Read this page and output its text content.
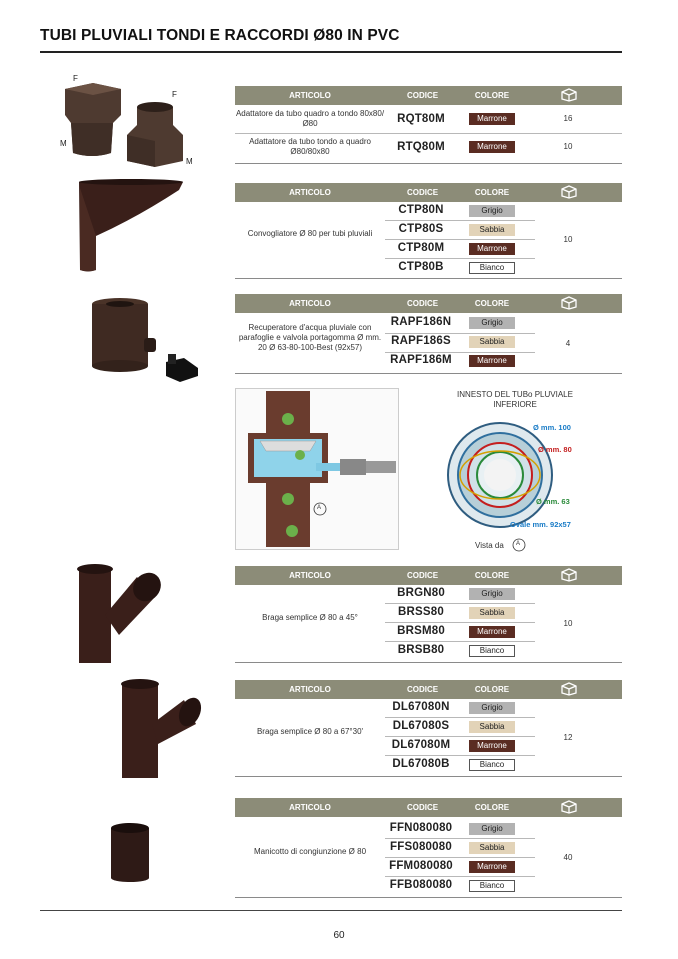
TUBI PLUVIALI TONDI E RACCORDI Ø80 IN PVC
F
F
M
M
ARTICOLO	CODICE	COLORE
Adattatore da tubo quadro a tondo 80x80/Ø80	RQT80M	Marrone	16
Adattatore da tubo tondo a quadro Ø80/80x80	RTQ80M	Marrone	10
ARTICOLO	CODICE	COLORE
Convogliatore Ø 80 per tubi pluviali
10
CTP80N	Grigio
CTP80S	Sabbia
CTP80M	Marrone
CTP80B	Bianco
ARTICOLO	CODICE	COLORE
Recuperatore d'acqua pluviale con parafoglie e valvola portagomma Ø mm. 20 Ø 63-80-100-Best (92x57)	4
RAPF186N	Grigio
RAPF186S	Sabbia
RAPF186M	Marrone
A
INNESTO DEL TUBo PLUVIALE INFERIORE
Ø mm. 100
Ø mm. 80
Ø mm. 63
Ovale mm. 92x57
Vista da A
ARTICOLO	CODICE	COLORE
Braga semplice Ø 80 a 45°
10
BRGN80	Grigio
BRSS80	Sabbia
BRSM80	Marrone
BRSB80	Bianco
ARTICOLO	CODICE	COLORE
Braga semplice Ø 80 a 67°30'
12
DL67080N	Grigio
DL67080S	Sabbia
DL67080M	Marrone
DL67080B	Bianco
ARTICOLO	CODICE	COLORE
Manicotto di congiunzione Ø 80
40
FFN080080	Grigio
FFS080080	Sabbia
FFM080080	Marrone
FFB080080	Bianco
60
